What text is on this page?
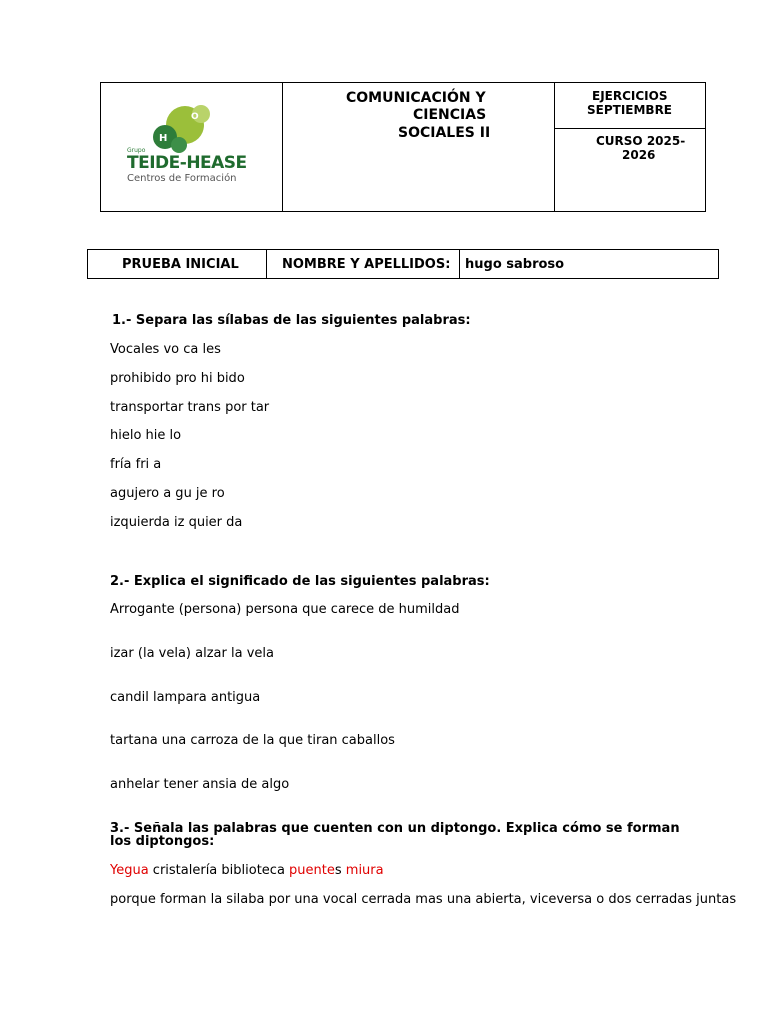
O
H
Grupo
TEIDE-HEASE
Centros de Formación
COMUNICACIÓN Y
CIENCIAS
SOCIALES II
EJERCICIOS
SEPTIEMBRE
CURSO 2025-
2026
PRUEBA INICIAL	NOMBRE Y APELLIDOS: hugo sabroso
1.- Separa las sílabas de las siguientes palabras:
Vocales vo ca les
prohibido pro hi bido
transportar trans por tar
hielo hie lo
fría fri a
agujero a gu je ro
izquierda iz quier da
2.- Explica el significado de las siguientes palabras:
Arrogante (persona) persona que carece de humildad
izar (la vela) alzar la vela
candil lampara antigua
tartana una carroza de la que tiran caballos
anhelar tener ansia de algo
3.- Señala las palabras que cuenten con un diptongo. Explica cómo se forman
los diptongos:
Yegua cristalería biblioteca puentes miura
porque forman la silaba por una vocal cerrada mas una abierta, viceversa o dos cerradas juntas
